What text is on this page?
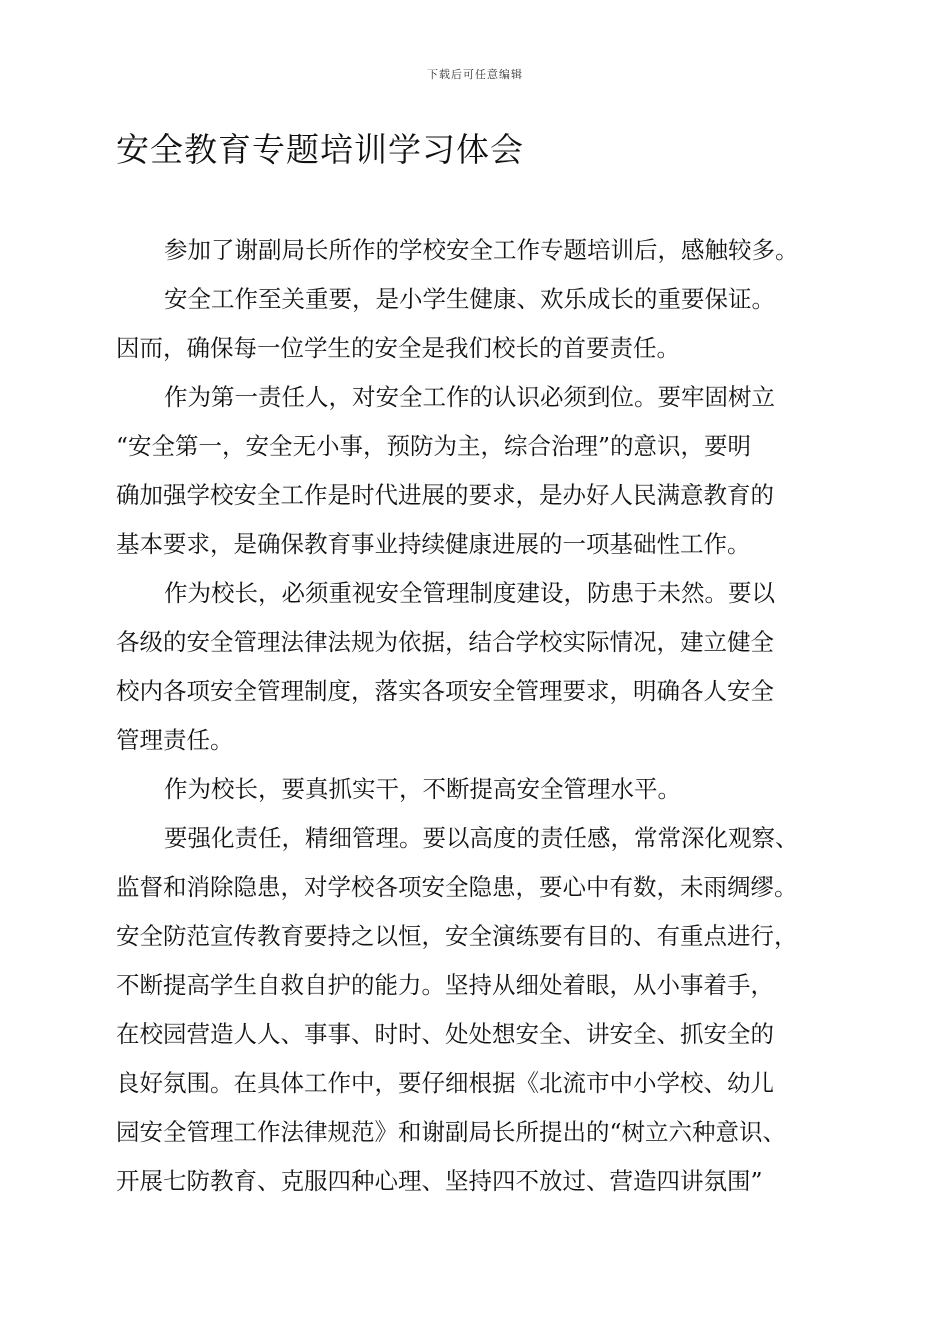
下载后可任意编辑
安全教育专题培训学习体会
参加了谢副局长所作的学校安全工作专题培训后，感触较多。
安全工作至关重要，是小学生健康、欢乐成长的重要保证。
因而，确保每一位学生的安全是我们校长的首要责任。
作为第一责任人，对安全工作的认识必须到位。要牢固树立
“安全第一，安全无小事，预防为主，综合治理”的意识，要明
确加强学校安全工作是时代进展的要求，是办好人民满意教育的
基本要求，是确保教育事业持续健康进展的一项基础性工作。
作为校长，必须重视安全管理制度建设，防患于未然。要以
各级的安全管理法律法规为依据，结合学校实际情况，建立健全
校内各项安全管理制度，落实各项安全管理要求，明确各人安全
管理责任。
作为校长，要真抓实干，不断提高安全管理水平。
要强化责任，精细管理。要以高度的责任感，常常深化观察、
监督和消除隐患，对学校各项安全隐患，要心中有数，未雨绸缪。
安全防范宣传教育要持之以恒，安全演练要有目的、有重点进行，
不断提高学生自救自护的能力。坚持从细处着眼，从小事着手，
在校园营造人人、事事、时时、处处想安全、讲安全、抓安全的
良好氛围。在具体工作中，要仔细根据《北流市中小学校、幼儿
园安全管理工作法律规范》和谢副局长所提出的“树立六种意识、
开展七防教育、克服四种心理、坚持四不放过、营造四讲氛围”
